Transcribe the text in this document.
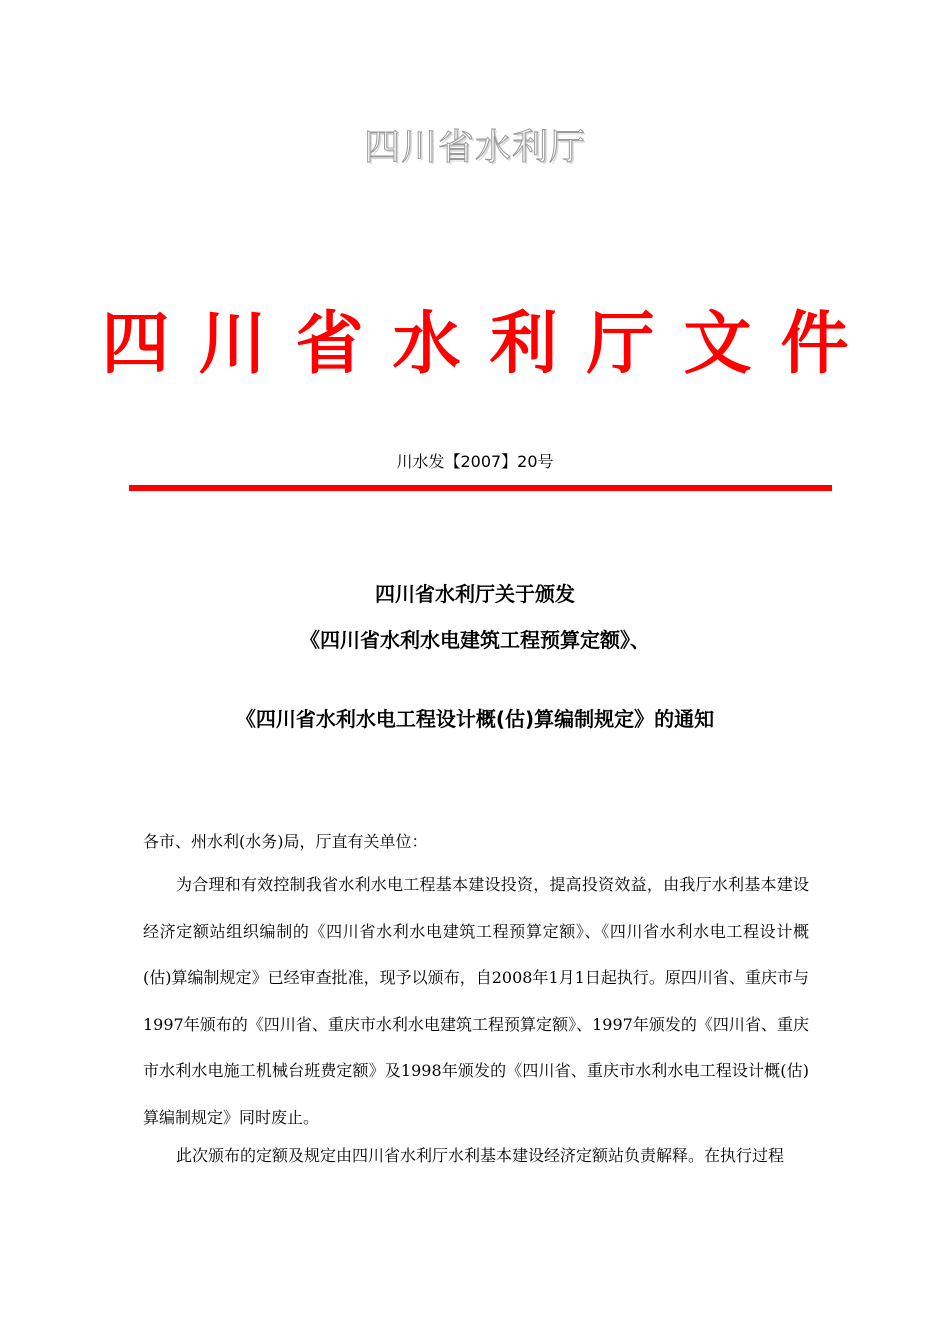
四川省水利厅
四川省水利厅文件
川水发【2007】20号
四川省水利厅关于颁发
《四川省水利水电建筑工程预算定额》、
《四川省水利水电工程设计概(估)算编制规定》的通知
各市、州水利(水务)局，厅直有关单位：
为合理和有效控制我省水利水电工程基本建设投资，提高投资效益，由我厅水利基本建设经济定额站组织编制的《四川省水利水电建筑工程预算定额》、《四川省水利水电工程设计概(估)算编制规定》已经审查批准，现予以颁布，自2008年1月1日起执行。原四川省、重庆市与1997年颁布的《四川省、重庆市水利水电建筑工程预算定额》、1997年颁发的《四川省、重庆市水利水电施工机械台班费定额》及1998年颁发的《四川省、重庆市水利水电工程设计概(估)算编制规定》同时废止。
此次颁布的定额及规定由四川省水利厅水利基本建设经济定额站负责解释。在执行过程
